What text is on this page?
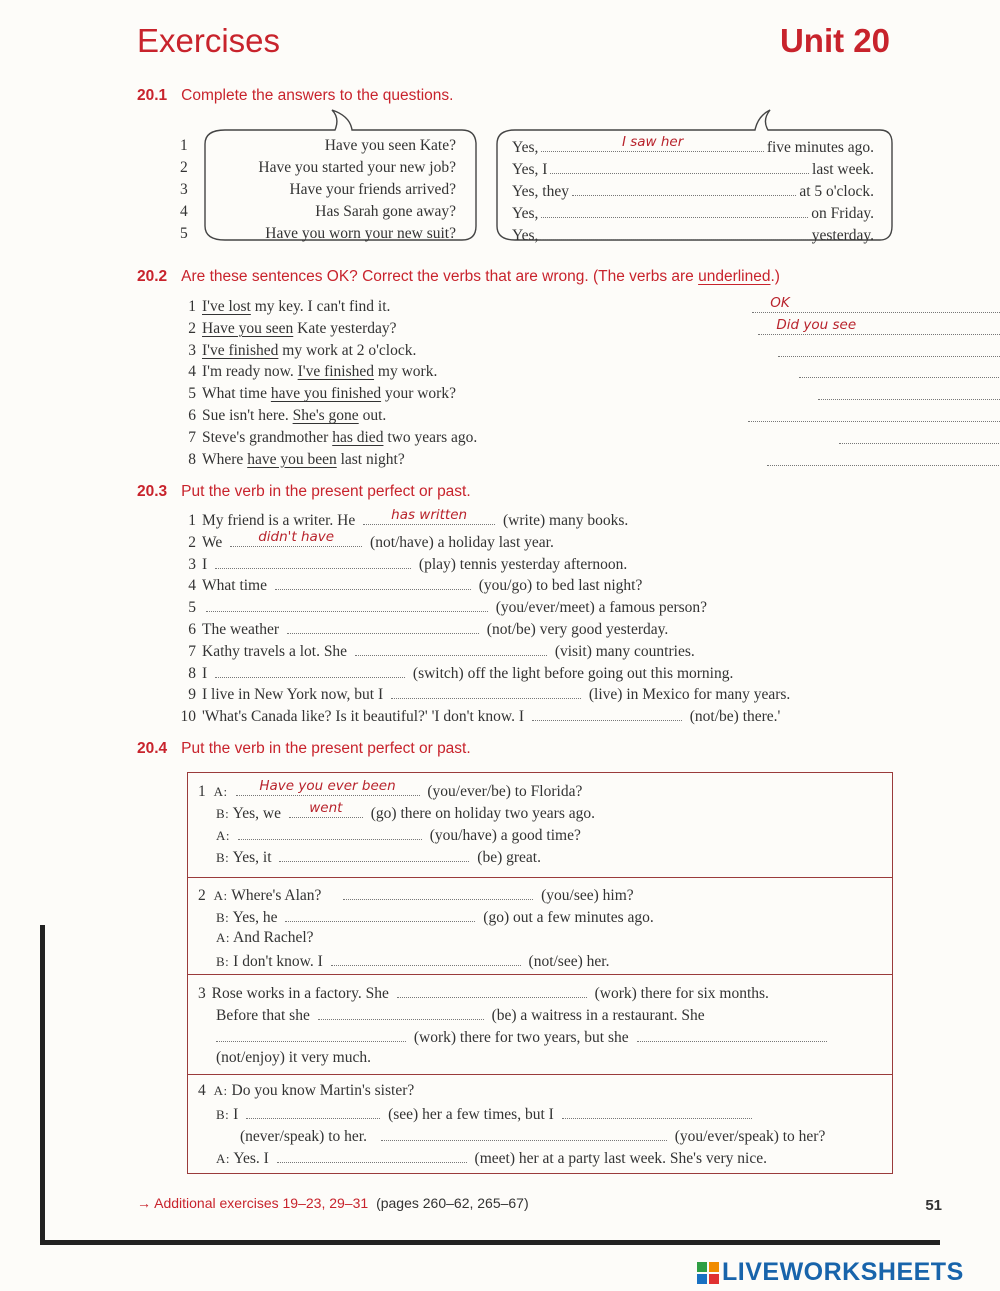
Exercises	Unit 20
20.1 Complete the answers to the questions.
1	Have you seen Kate?
2	Have you started your new job?
3	Have your friends arrived?
4	Has Sarah gone away?
5	Have you worn your new suit?
Yes,	I saw her	five minutes ago.
Yes, I	last week.
Yes, they	at 5 o'clock.
Yes,	on Friday.
Yes,	yesterday.
20.2 Are these sentences OK? Correct the verbs that are wrong. (The verbs are underlined.)
1 I've lost my key. I can't find it.	OK
2 Have you seen Kate yesterday?	Did you see
3 I've finished my work at 2 o'clock.
4 I'm ready now. I've finished my work.
5 What time have you finished your work?
6 Sue isn't here. She's gone out.
7 Steve's grandmother has died two years ago.
8 Where have you been last night?
20.3 Put the verb in the present perfect or past.
1 My friend is a writer. He	has written	(write) many books.
2 We	didn't have	(not/have) a holiday last year.
3 I	(play) tennis yesterday afternoon.
4 What time	(you/go) to bed last night?
5	(you/ever/meet) a famous person?
6 The weather	(not/be) very good yesterday.
7 Kathy travels a lot. She	(visit) many countries.
8 I	(switch) off the light before going out this morning.
9 I live in New York now, but I	(live) in Mexico for many years.
10 'What's Canada like? Is it beautiful?' 'I don't know. I	(not/be) there.'
20.4 Put the verb in the present perfect or past.
1 A:	Have you ever been	(you/ever/be) to Florida?
B: Yes, we	went	(go) there on holiday two years ago.
A:	(you/have) a good time?
B: Yes, it	(be) great.
2 A: Where's Alan?	(you/see) him?
B: Yes, he	(go) out a few minutes ago.
A: And Rachel?
B: I don't know. I	(not/see) her.
3 Rose works in a factory. She	(work) there for six months.
Before that she	(be) a waitress in a restaurant. She
(work) there for two years, but she
(not/enjoy) it very much.
4 A: Do you know Martin's sister?
B: I	(see) her a few times, but I
(never/speak) to her.	(you/ever/speak) to her?
A: Yes. I	(meet) her at a party last week. She's very nice.
→ Additional exercises 19–23, 29–31 (pages 260–62, 265–67)	51
LIVEWORKSHEETS
